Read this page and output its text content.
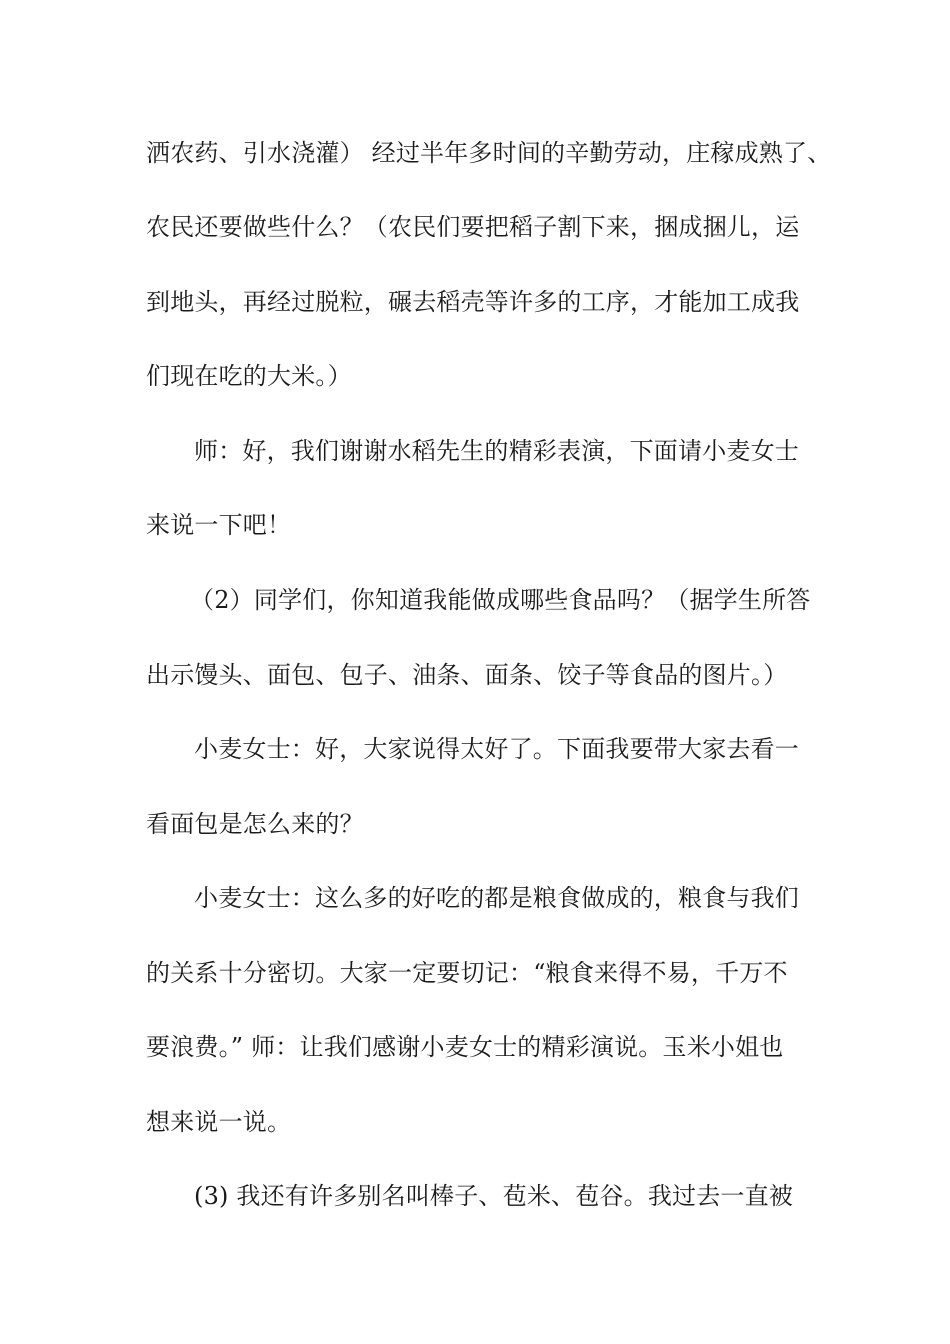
洒农药、引水浇灌） 经过半年多时间的辛勤劳动，庄稼成熟了、
农民还要做些什么？（农民们要把稻子割下来，捆成捆儿，运
到地头，再经过脱粒，碾去稻壳等许多的工序，才能加工成我
们现在吃的大米。）
师：好，我们谢谢水稻先生的精彩表演，下面请小麦女士
来说一下吧！
（2）同学们，你知道我能做成哪些食品吗？（据学生所答
出示馒头、面包、包子、油条、面条、饺子等食品的图片。）
小麦女士：好，大家说得太好了。下面我要带大家去看一
看面包是怎么来的？
小麦女士：这么多的好吃的都是粮食做成的，粮食与我们
的关系十分密切。大家一定要切记：“粮食来得不易，千万不
要浪费。” 师：让我们感谢小麦女士的精彩演说。玉米小姐也
想来说一说。
(3) 我还有许多别名叫棒子、苞米、苞谷。我过去一直被
